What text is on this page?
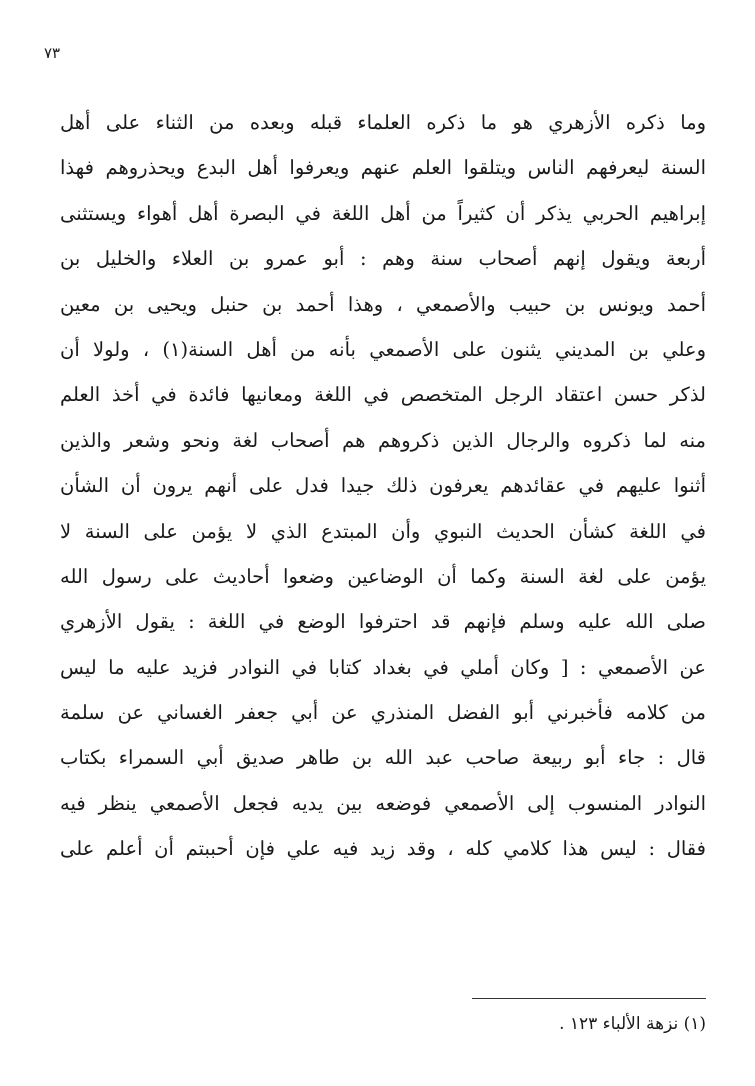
٧٣
وما ذكره الأزهري هو ما ذكره العلماء قبله وبعده من الثناء على أهل
السنة ليعرفهم الناس ويتلقوا العلم عنهم ويعرفوا أهل البدع ويحذروهم فهذا
إبراهيم الحربي يذكر أن كثيراً من أهل اللغة في البصرة أهل أهواء ويستثنى
أربعة ويقول إنهم أصحاب سنة وهم : أبو عمرو بن العلاء والخليل بن
أحمد ويونس بن حبيب والأصمعي ، وهذا أحمد بن حنبل ويحيى بن معين
وعلي بن المديني يثنون على الأصمعي بأنه من أهل السنة(١) ، ولولا أن
لذكر حسن اعتقاد الرجل المتخصص في اللغة ومعانيها فائدة في أخذ العلم
منه لما ذكروه والرجال الذين ذكروهم هم أصحاب لغة ونحو وشعر والذين
أثنوا عليهم في عقائدهم يعرفون ذلك جيدا فدل على أنهم يرون أن الشأن
في اللغة كشأن الحديث النبوي وأن المبتدع الذي لا يؤمن على السنة لا
يؤمن على لغة السنة وكما أن الوضاعين وضعوا أحاديث على رسول الله
صلى الله عليه وسلم فإنهم قد احترفوا الوضع في اللغة : يقول الأزهري
عن الأصمعي : [ وكان أملي في بغداد كتابا في النوادر فزيد عليه ما ليس
من كلامه فأخبرني أبو الفضل المنذري عن أبي جعفر الغساني عن سلمة
قال : جاء أبو ربيعة صاحب عبد الله بن طاهر صديق أبي السمراء بكتاب
النوادر المنسوب إلى الأصمعي فوضعه بين يديه فجعل الأصمعي ينظر فيه
فقال : ليس هذا كلامي كله ، وقد زيد فيه علي فإن أحببتم أن أعلم على
(١) نزهة الألباء ١٢٣ .
